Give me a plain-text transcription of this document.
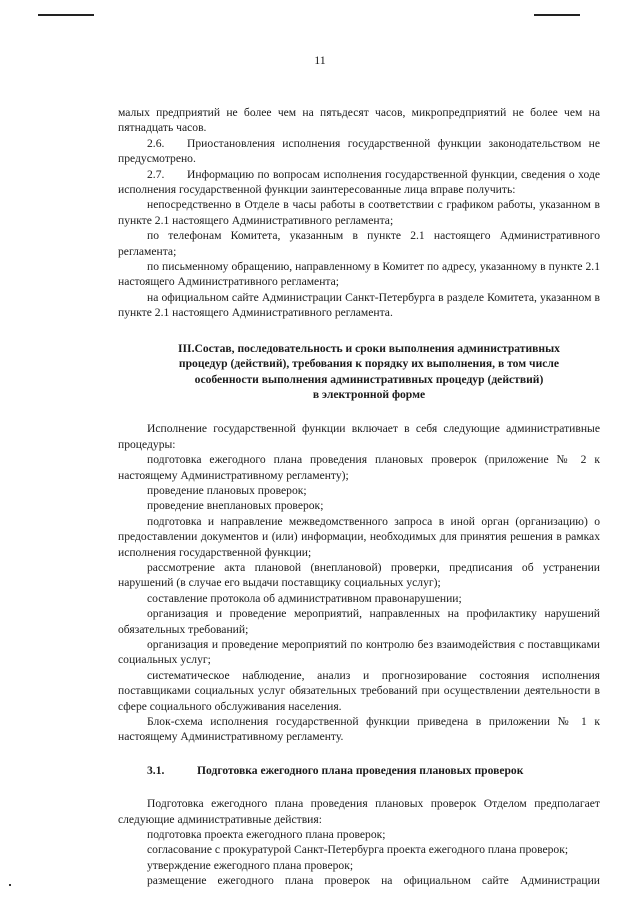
11

малых предприятий не более чем на пятьдесят часов, микропредприятий не более чем на пятнадцать часов.

2.6. Приостановления исполнения государственной функции законодательством не предусмотрено.

2.7. Информацию по вопросам исполнения государственной функции, сведения о ходе исполнения государственной функции заинтересованные лица вправе получить:

непосредственно в Отделе в часы работы в соответствии с графиком работы, указанном в пункте 2.1 настоящего Административного регламента;

по телефонам Комитета, указанным в пункте 2.1 настоящего Административного регламента;

по письменному обращению, направленному в Комитет по адресу, указанному в пункте 2.1 настоящего Административного регламента;

на официальном сайте Администрации Санкт-Петербурга в разделе Комитета, указанном в пункте 2.1 настоящего Административного регламента.

III.Состав, последовательность и сроки выполнения административных
процедур (действий), требования к порядку их выполнения, в том числе
особенности выполнения административных процедур (действий)
в электронной форме

Исполнение государственной функции включает в себя следующие административные процедуры:

подготовка ежегодного плана проведения плановых проверок (приложение № 2 к настоящему Административному регламенту);

проведение плановых проверок;

проведение внеплановых проверок;

подготовка и направление межведомственного запроса в иной орган (организацию) о предоставлении документов и (или) информации, необходимых для принятия решения в рамках исполнения государственной функции;

рассмотрение акта плановой (внеплановой) проверки, предписания об устранении нарушений (в случае его выдачи поставщику социальных услуг);

составление протокола об административном правонарушении;

организация и проведение мероприятий, направленных на профилактику нарушений обязательных требований;

организация и проведение мероприятий по контролю без взаимодействия с поставщиками социальных услуг;

систематическое наблюдение, анализ и прогнозирование состояния исполнения поставщиками социальных услуг обязательных требований при осуществлении деятельности в сфере социального обслуживания населения.

Блок-схема исполнения государственной функции приведена в приложении № 1 к настоящему Административному регламенту.

3.1.	Подготовка ежегодного плана проведения плановых проверок

Подготовка ежегодного плана проведения плановых проверок Отделом предполагает следующие административные действия:

подготовка проекта ежегодного плана проверок;

согласование с прокуратурой Санкт-Петербурга проекта ежегодного плана проверок;

утверждение ежегодного плана проверок;

размещение ежегодного плана проверок на официальном сайте Администрации
